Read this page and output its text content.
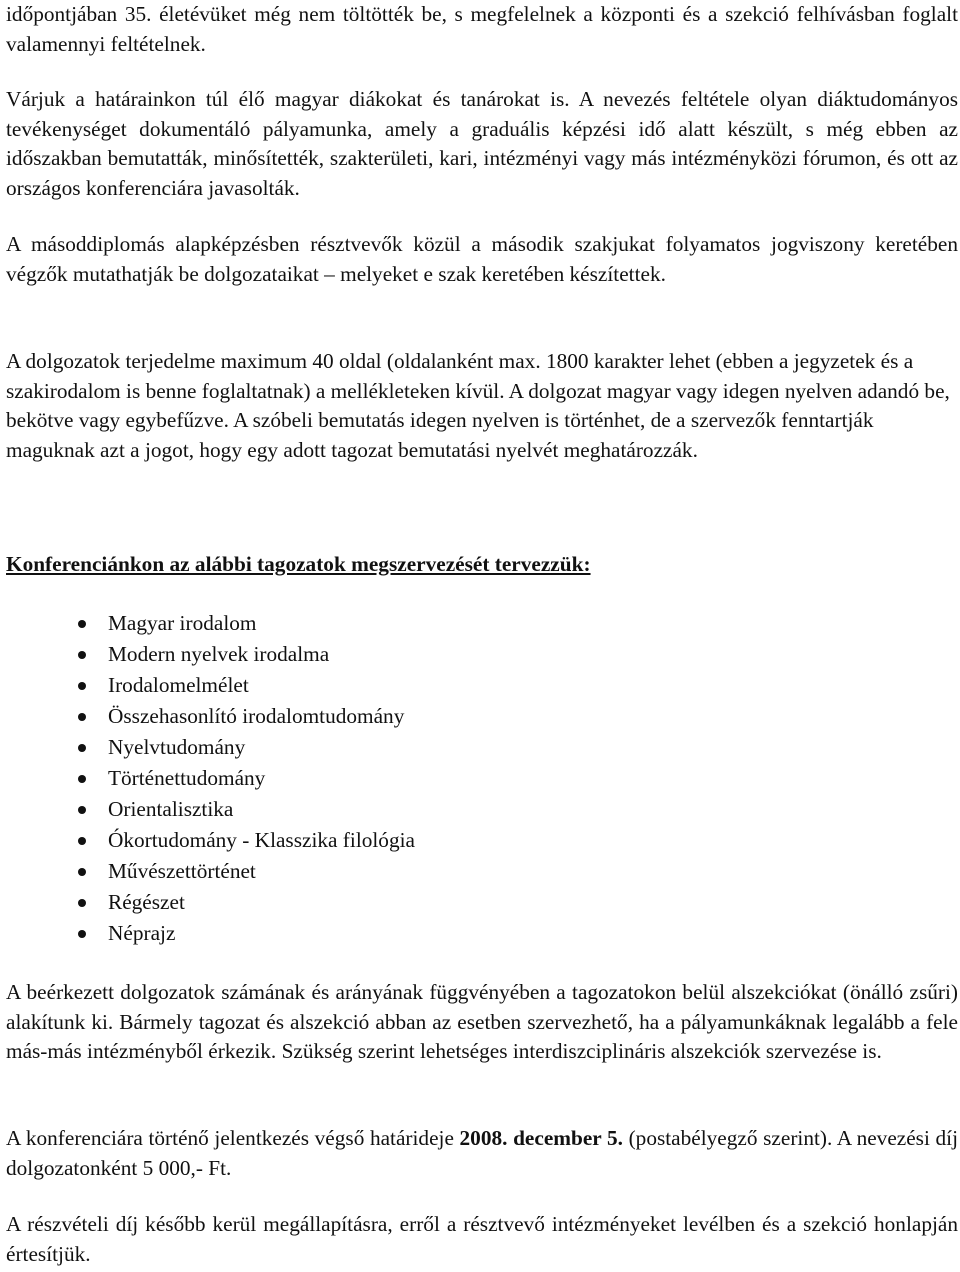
időpontjában 35. életévüket még nem töltötték be, s megfelelnek a központi és a szekció felhívásban foglalt valamennyi feltételnek.

Várjuk a határainkon túl élő magyar diákokat és tanárokat is. A nevezés feltétele olyan diáktudományos tevékenységet dokumentáló pályamunka, amely a graduális képzési idő alatt készült, s még ebben az időszakban bemutatták, minősítették, szakterületi, kari, intézményi vagy más intézményközi fórumon, és ott az országos konferenciára javasolták.

A másoddiplomás alapképzésben résztvevők közül a második szakjukat folyamatos jogviszony keretében végzők mutathatják be dolgozataikat – melyeket e szak keretében készítettek.

A dolgozatok terjedelme maximum 40 oldal (oldalanként max. 1800 karakter lehet (ebben a jegyzetek és a szakirodalom is benne foglaltatnak) a mellékleteken kívül. A dolgozat magyar vagy idegen nyelven adandó be, bekötve vagy egybefűzve. A szóbeli bemutatás idegen nyelven is történhet, de a szervezők fenntartják maguknak azt a jogot, hogy egy adott tagozat bemutatási nyelvét meghatározzák.

Konferenciánkon az alábbi tagozatok megszervezését tervezzük:

Magyar irodalom
Modern nyelvek irodalma
Irodalomelmélet
Összehasonlító irodalomtudomány
Nyelvtudomány
Történettudomány
Orientalisztika
Ókortudomány - Klasszika filológia
Művészettörténet
Régészet
Néprajz

A beérkezett dolgozatok számának és arányának függvényében a tagozatokon belül alszekciókat (önálló zsűri) alakítunk ki. Bármely tagozat és alszekció abban az esetben szervezhető, ha a pályamunkáknak legalább a fele más-más intézményből érkezik. Szükség szerint lehetséges interdiszciplináris alszekciók szervezése is.

A konferenciára történő jelentkezés végső határideje 2008. december 5. (postabélyegző szerint). A nevezési díj dolgozatonként 5 000,- Ft.

A részvételi díj később kerül megállapításra, erről a résztvevő intézményeket levélben és a szekció honlapján értesítjük.
